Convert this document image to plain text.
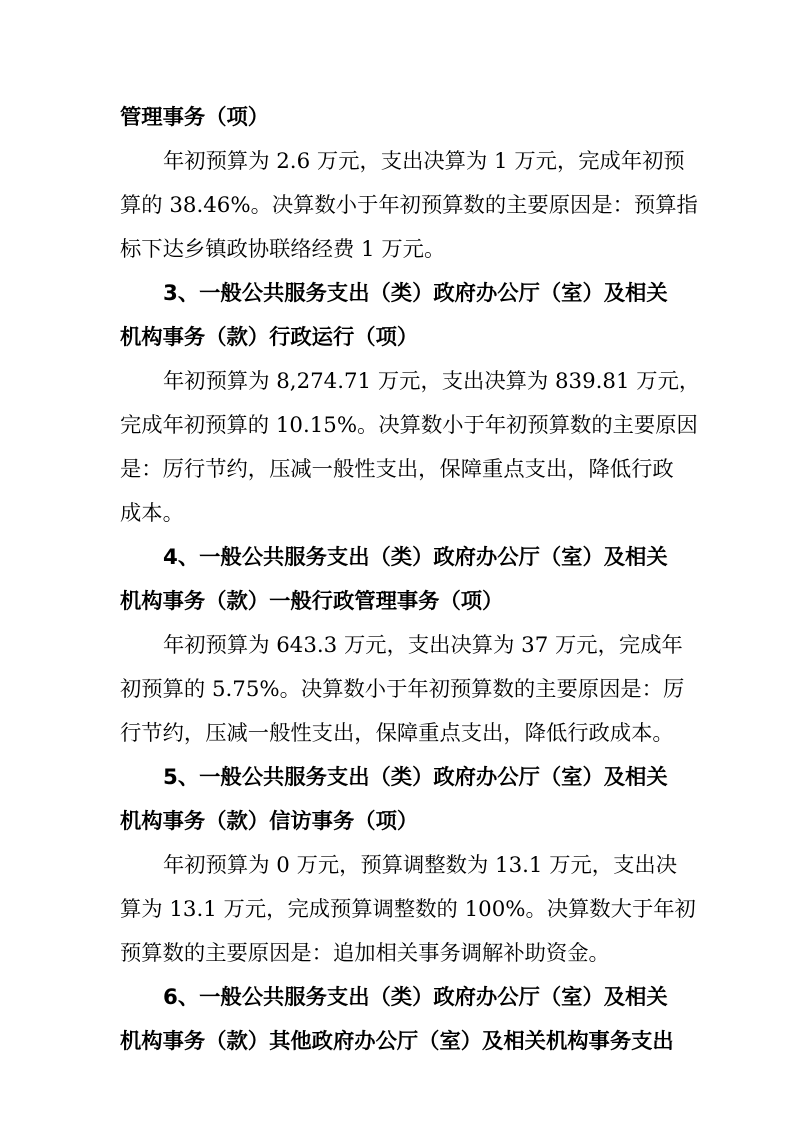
管理事务（项）
年初预算为 2.6 万元，支出决算为 1 万元，完成年初预
算的 38.46%。决算数小于年初预算数的主要原因是：预算指
标下达乡镇政协联络经费 1 万元。
3、一般公共服务支出（类）政府办公厅（室）及相关
机构事务（款）行政运行（项）
年初预算为 8,274.71 万元，支出决算为 839.81 万元，
完成年初预算的 10.15%。决算数小于年初预算数的主要原因
是：厉行节约，压减一般性支出，保障重点支出，降低行政
成本。
4、一般公共服务支出（类）政府办公厅（室）及相关
机构事务（款）一般行政管理事务（项）
年初预算为 643.3 万元，支出决算为 37 万元，完成年
初预算的 5.75%。决算数小于年初预算数的主要原因是：厉
行节约，压减一般性支出，保障重点支出，降低行政成本。
5、一般公共服务支出（类）政府办公厅（室）及相关
机构事务（款）信访事务（项）
年初预算为 0 万元，预算调整数为 13.1 万元，支出决
算为 13.1 万元，完成预算调整数的 100%。决算数大于年初
预算数的主要原因是：追加相关事务调解补助资金。
6、一般公共服务支出（类）政府办公厅（室）及相关
机构事务（款）其他政府办公厅（室）及相关机构事务支出
